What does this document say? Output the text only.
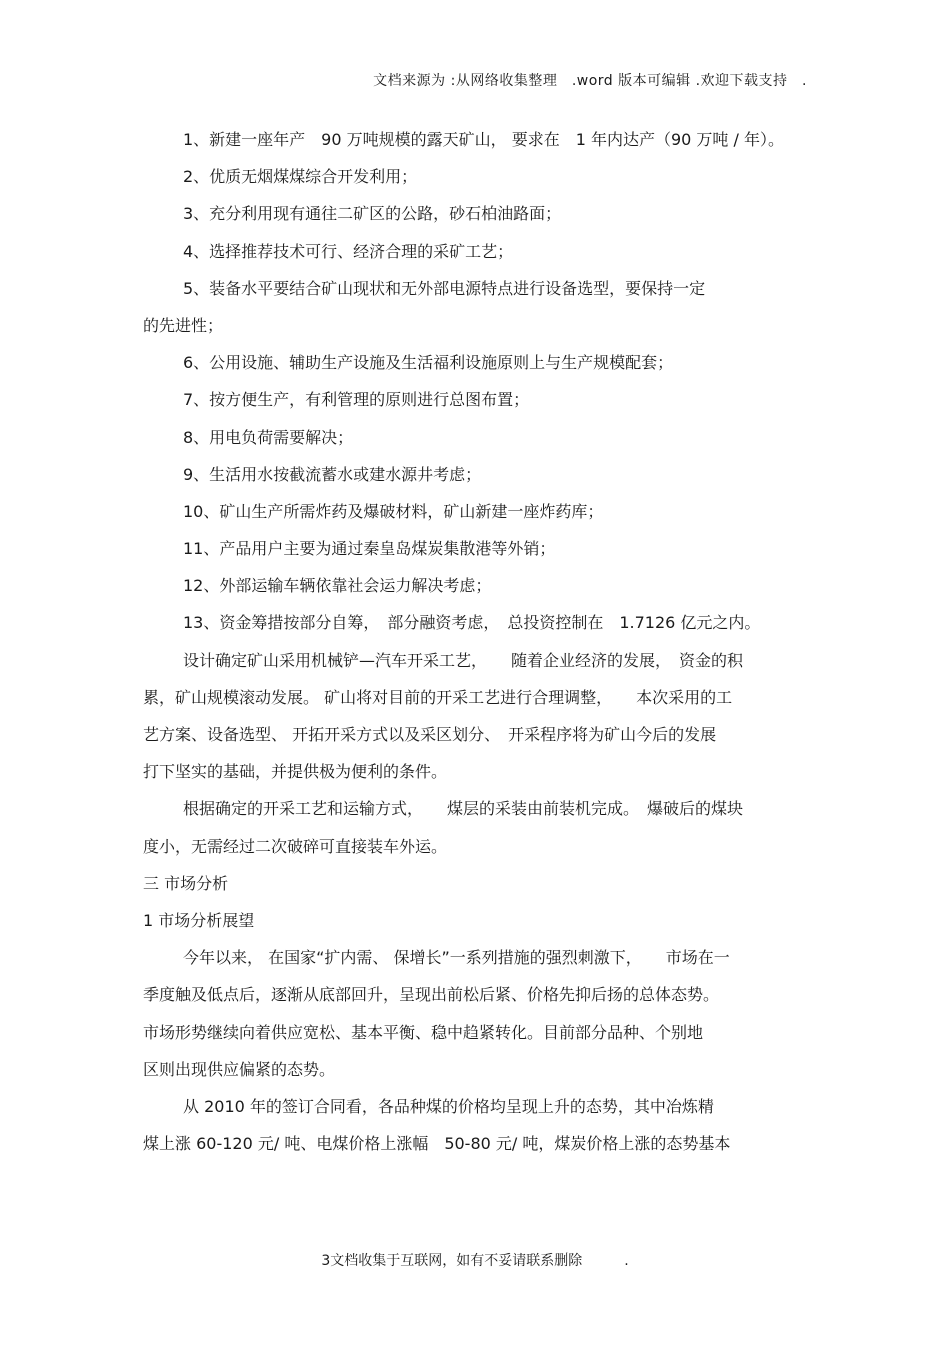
文档来源为 :从网络收集整理　.word 版本可编辑 .欢迎下载支持　.
1、新建一座年产　90 万吨规模的露天矿山， 要求在　1 年内达产（90 万吨 / 年）。
2、优质无烟煤煤综合开发利用；
3、充分利用现有通往二矿区的公路，砂石柏油路面；
4、选择推荐技术可行、经济合理的采矿工艺；
5、装备水平要结合矿山现状和无外部电源特点进行设备选型，要保持一定
的先进性；
6、公用设施、辅助生产设施及生活福利设施原则上与生产规模配套；
7、按方便生产，有利管理的原则进行总图布置；
8、用电负荷需要解决；
9、生活用水按截流蓄水或建水源井考虑；
10、矿山生产所需炸药及爆破材料，矿山新建一座炸药库；
11、产品用户主要为通过秦皇岛煤炭集散港等外销；
12、外部运输车辆依靠社会运力解决考虑；
13、资金筹措按部分自筹，　部分融资考虑，　总投资控制在　1.7126 亿元之内。
设计确定矿山采用机械铲—汽车开采工艺，　　随着企业经济的发展，　资金的积
累，矿山规模滚动发展。 矿山将对目前的开采工艺进行合理调整，　　本次采用的工
艺方案、设备选型、 开拓开采方式以及采区划分、　开采程序将为矿山今后的发展
打下坚实的基础，并提供极为便利的条件。
根据确定的开采工艺和运输方式，　　煤层的采装由前装机完成。　爆破后的煤块
度小，无需经过二次破碎可直接装车外运。
三 市场分析
1 市场分析展望
今年以来， 在国家“扩内需、 保增长”一系列措施的强烈刺激下，　　市场在一
季度触及低点后，逐渐从底部回升，呈现出前松后紧、价格先抑后扬的总体态势。
市场形势继续向着供应宽松、基本平衡、稳中趋紧转化。目前部分品种、个别地
区则出现供应偏紧的态势。
从 2010 年的签订合同看，各品种煤的价格均呈现上升的态势，其中冶炼精
煤上涨 60-120 元/ 吨、电煤价格上涨幅　50-80 元/ 吨，煤炭价格上涨的态势基本
3文档收集于互联网，如有不妥请联系删除　　　.
